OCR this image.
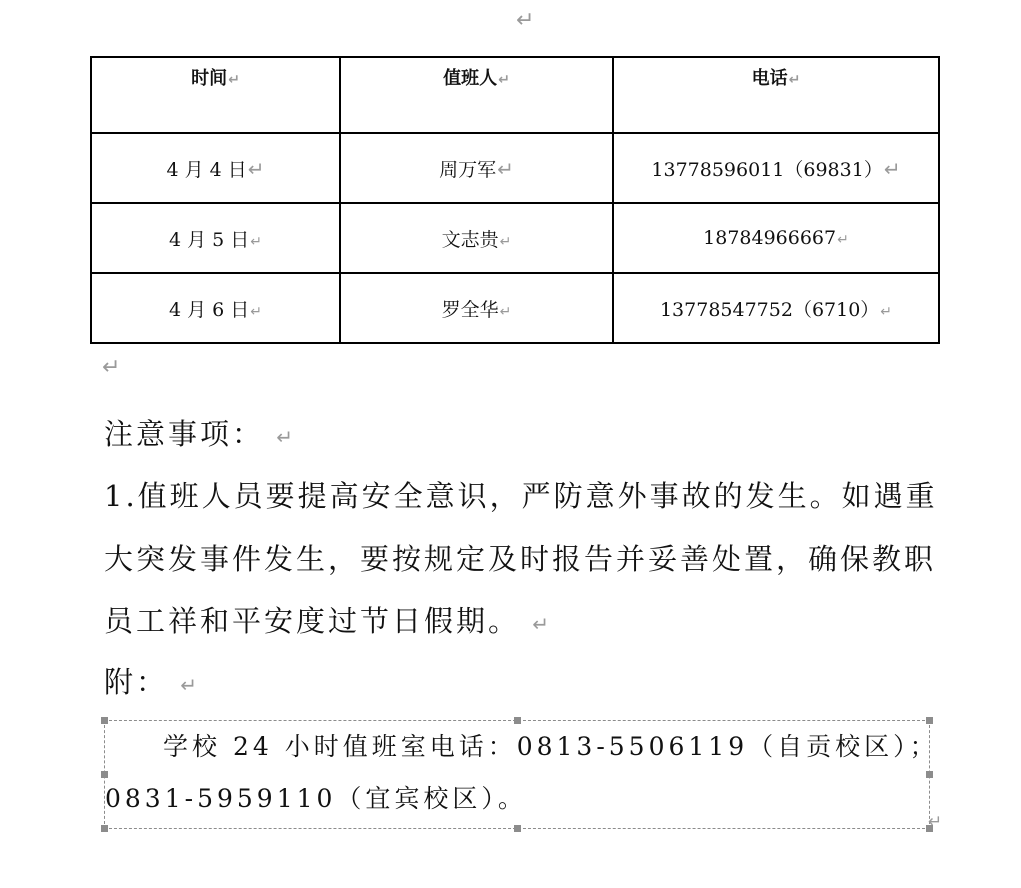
↵
时间↵	值班人↵	电话↵
4 月 4 日↵	周万军↵	13778596011（69831）↵
4 月 5 日↵	文志贵↵	18784966667↵
4 月 6 日↵	罗全华↵	13778547752（6710）↵
↵
注意事项： ↵
1.值班人员要提高安全意识，严防意外事故的发生。如遇重
大突发事件发生，要按规定及时报告并妥善处置，确保教职
员工祥和平安度过节日假期。 ↵
附： ↵
学校 24 小时值班室电话：0813-5506119（自贡校区）；
0831-5959110（宜宾校区）。
↵
